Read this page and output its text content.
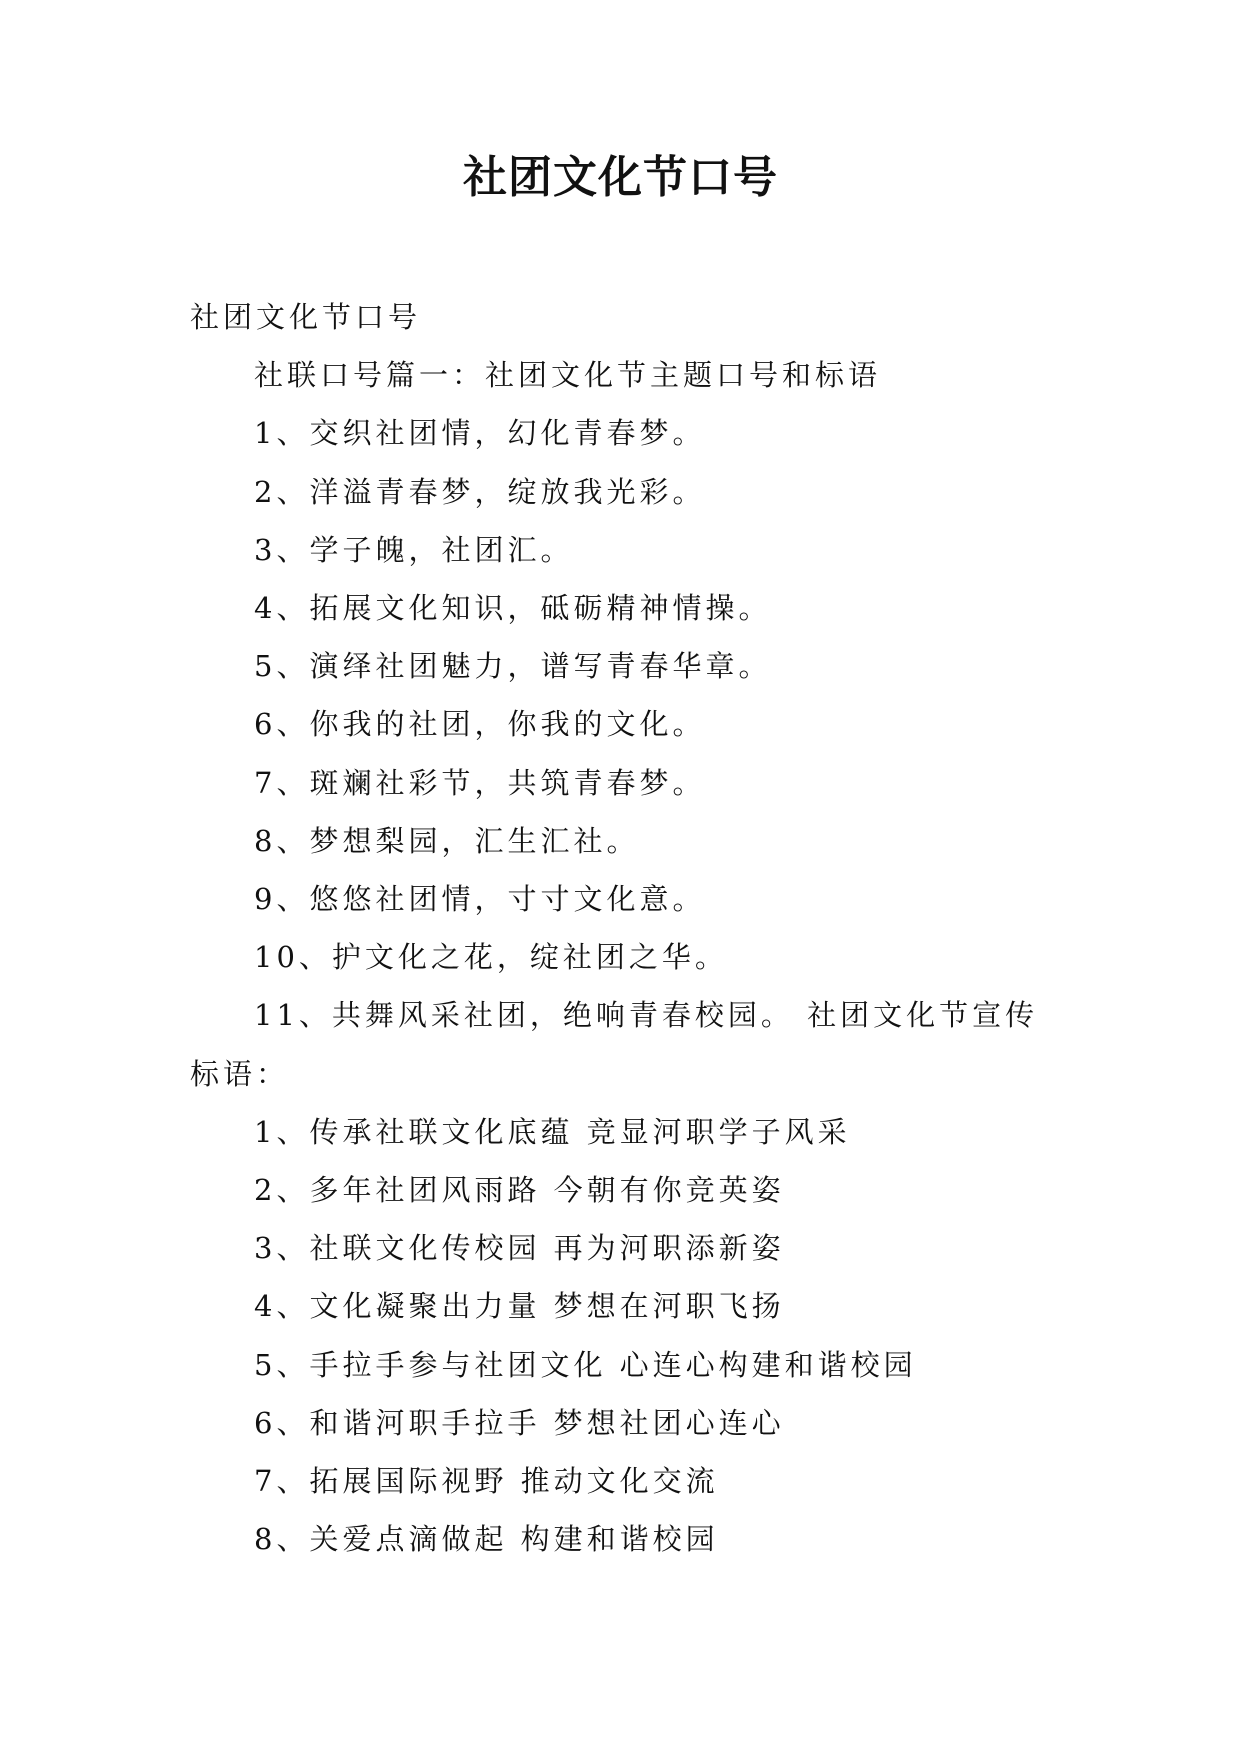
社团文化节口号

社团文化节口号

社联口号篇一：社团文化节主题口号和标语

1、交织社团情，幻化青春梦。

2、洋溢青春梦，绽放我光彩。

3、学子魄，社团汇。

4、拓展文化知识，砥砺精神情操。

5、演绎社团魅力，谱写青春华章。

6、你我的社团，你我的文化。

7、斑斓社彩节，共筑青春梦。

8、梦想梨园，汇生汇社。

9、悠悠社团情，寸寸文化意。

10、护文化之花，绽社团之华。

11、共舞风采社团，绝响青春校园。 社团文化节宣传标语：

1、传承社联文化底蕴 竞显河职学子风采

2、多年社团风雨路 今朝有你竞英姿

3、社联文化传校园 再为河职添新姿

4、文化凝聚出力量 梦想在河职飞扬

5、手拉手参与社团文化 心连心构建和谐校园

6、和谐河职手拉手 梦想社团心连心

7、拓展国际视野 推动文化交流

8、关爱点滴做起 构建和谐校园
